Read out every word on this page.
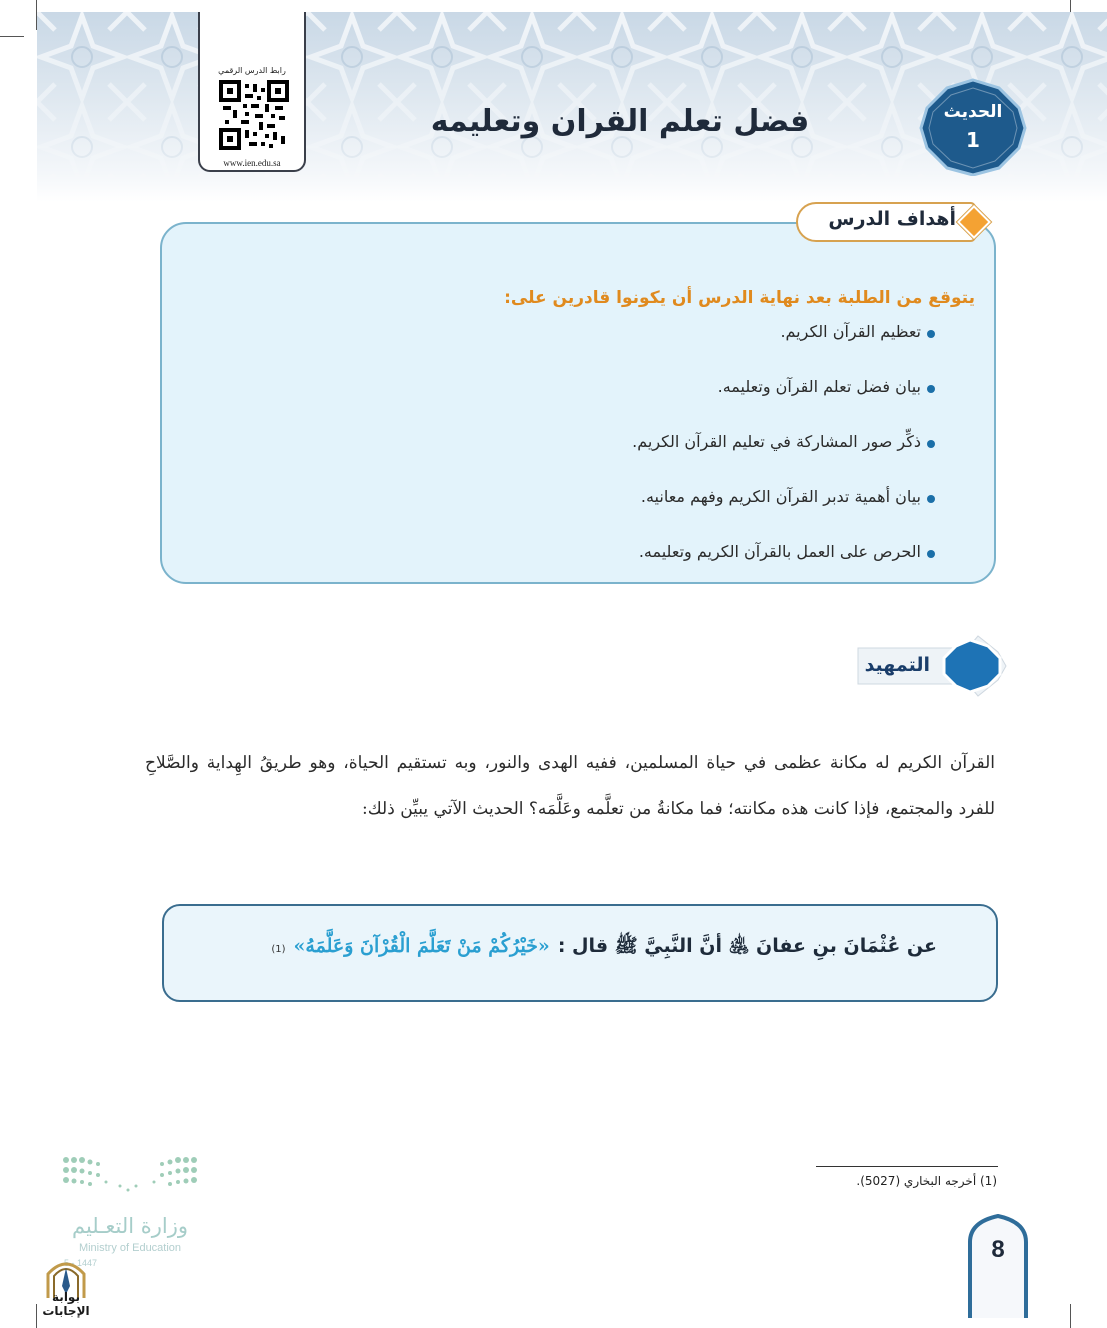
رابط الدرس الرقمي
www.ien.edu.sa
فضل تعلم القران وتعليمه	الحديث
1
أهداف الدرس
يتوقع من الطلبة بعد نهاية الدرس أن يكونوا قادرين على:
تعظيم القرآن الكريم.
بيان فضل تعلم القرآن وتعليمه.
ذكِّر صور المشاركة في تعليم القرآن الكريم.
بيان أهمية تدبر القرآن الكريم وفهم معانيه.
الحرص على العمل بالقرآن الكريم وتعليمه.
التمهيد

القرآن الكريم له مكانة عظمى في حياة المسلمين، ففيه الهدى والنور، وبه تستقيم الحياة، وهو طريقُ الهِداية والصَّلاحِ للفرد والمجتمع، فإذا كانت هذه مكانته؛ فما مكانةُ من تعلَّمه وعَلَّمَه؟ الحديث الآتي يبيِّن ذلك:

عن عُثْمَانَ بنِ عفانَ ﵁ أنَّ النَّبِيَّ ﷺ قال :
«خَيْرُكُمْ مَنْ تَعَلَّمَ الْقُرْآنَ وَعَلَّمَهُ»
(1)
(1) أخرجه البخاري (5027).
وزارة التعـليم
Ministry of Education
5 - 1447
بوابة الإجابات
8
